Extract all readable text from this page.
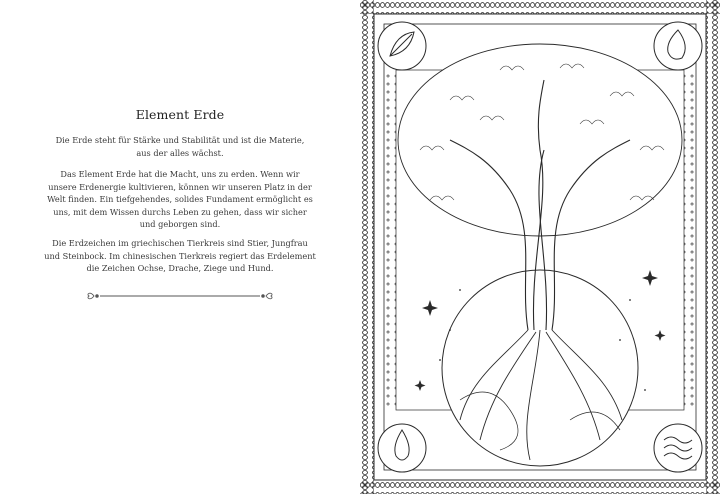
Element Erde

Die Erde steht für Stärke und Stabilität und ist die Materie,
aus der alles wächst.

Das Element Erde hat die Macht, uns zu erden. Wenn wir
unsere Erdenergie kultivieren, können wir unseren Platz in der
Welt finden. Ein tiefgehendes, solides Fundament ermöglicht es
uns, mit dem Wissen durchs Leben zu gehen, dass wir sicher
und geborgen sind.

Die Erdzeichen im griechischen Tierkreis sind Stier, Jungfrau
und Steinbock. Im chinesischen Tierkreis regiert das Erdelement
die Zeichen Ochse, Drache, Ziege und Hund.
